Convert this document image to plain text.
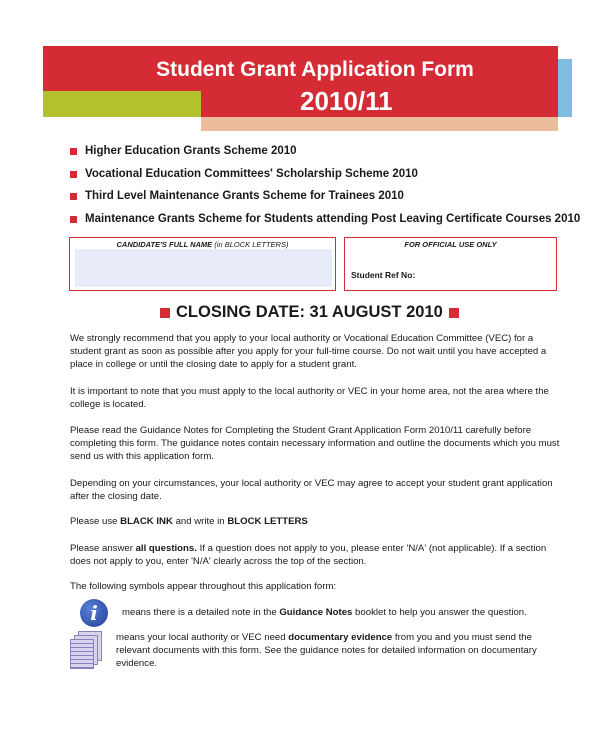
Student Grant Application Form
2010/11
Higher Education Grants Scheme 2010
Vocational Education Committees' Scholarship Scheme 2010
Third Level Maintenance Grants Scheme for Trainees 2010
Maintenance Grants Scheme for Students attending Post Leaving Certificate Courses 2010
CANDIDATE'S FULL NAME (in BLOCK LETTERS)	FOR OFFICIAL USE ONLY
Student Ref No:
CLOSING DATE: 31 AUGUST 2010

We strongly recommend that you apply to your local authority or Vocational Education Committee (VEC) for a student grant as soon as possible after you apply for your full-time course. Do not wait until you have accepted a place in college or until the closing date to apply for a student grant.

It is important to note that you must apply to the local authority or VEC in your home area, not the area where the college is located.

Please read the Guidance Notes for Completing the Student Grant Application Form 2010/11 carefully before completing this form. The guidance notes contain necessary information and outline the documents which you must send us with this application form.

Depending on your circumstances, your local authority or VEC may agree to accept your student grant application after the closing date.

Please use BLACK INK and write in BLOCK LETTERS

Please answer all questions. If a question does not apply to you, please enter 'N/A' (not applicable). If a section does not apply to you, enter 'N/A' clearly across the top of the section.

The following symbols appear throughout this application form:

i	means there is a detailed note in the Guidance Notes booklet to help you answer the question.
means your local authority or VEC need documentary evidence from you and you must send the relevant documents with this form. See the guidance notes for detailed information on documentary evidence.
